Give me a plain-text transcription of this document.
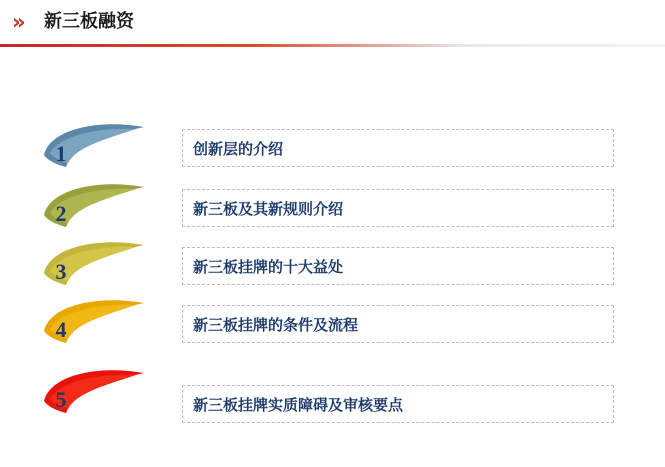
» 新三板融资
1	创新层的介绍
2	新三板及其新规则介绍
3	新三板挂牌的十大益处
4	新三板挂牌的条件及流程
5	新三板挂牌实质障碍及审核要点
